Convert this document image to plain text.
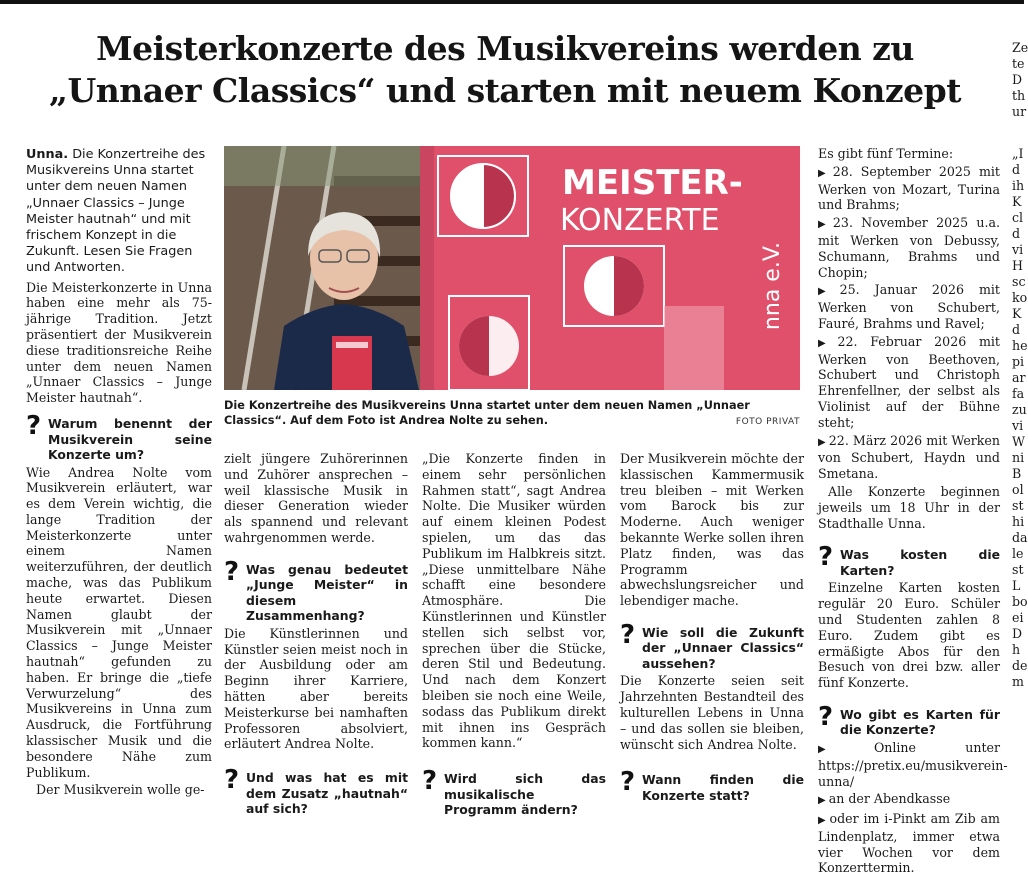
Meisterkonzerte des Musikvereins werden zu
„Unnaer Classics“ und starten mit neuem Konzept

Unna. Die Konzertreihe des Musikvereins Unna startet unter dem neuen Namen „Unnaer Classics – Junge Meister hautnah“ und mit frischem Konzept in die Zukunft. Lesen Sie Fragen und Antworten.

Die Meisterkonzerte in Unna haben eine mehr als 75-jährige Tradition. Jetzt präsentiert der Musikverein diese traditionsreiche Reihe unter dem neuen Namen „Unnaer Classics – Junge Meister hautnah“.

? Warum benennt der Musikverein seine Konzerte um?

Wie Andrea Nolte vom Musikverein erläutert, war es dem Verein wichtig, die lange Tradition der Meisterkonzerte unter einem Namen weiterzuführen, der deutlich mache, was das Publikum heute erwartet. Diesen Namen glaubt der Musikverein mit „Unnaer Classics – Junge Meister hautnah“ gefunden zu haben. Er bringe die „tiefe Verwurzelung“ des Musikvereins in Unna zum Ausdruck, die Fortführung klassischer Musik und die besondere Nähe zum Publikum.

Der Musikverein wolle ge-

zielt jüngere Zuhörerinnen und Zuhörer ansprechen – weil klassische Musik in dieser Generation wieder als spannend und relevant wahrgenommen werde.

? Was genau bedeutet „Junge Meister“ in diesem Zusammenhang?

Die Künstlerinnen und Künstler seien meist noch in der Ausbildung oder am Beginn ihrer Karriere, hätten aber bereits Meisterkurse bei namhaften Professoren absolviert, erläutert Andrea Nolte.

? Und was hat es mit dem Zusatz „hautnah“ auf sich?

„Die Konzerte finden in einem sehr persönlichen Rahmen statt“, sagt Andrea Nolte. Die Musiker würden auf einem kleinen Podest spielen, um das das Publikum im Halbkreis sitzt. „Diese unmittelbare Nähe schafft eine besondere Atmosphäre. Die Künstlerinnen und Künstler stellen sich selbst vor, sprechen über die Stücke, deren Stil und Bedeutung. Und nach dem Konzert bleiben sie noch eine Weile, sodass das Publikum direkt mit ihnen ins Gespräch kommen kann.“

? Wird sich das musikalische Programm ändern?

Der Musikverein möchte der klassischen Kammermusik treu bleiben – mit Werken vom Barock bis zur Moderne. Auch weniger bekannte Werke sollen ihren Platz finden, was das Programm abwechslungsreicher und lebendiger mache.

? Wie soll die Zukunft der „Unnaer Classics“ aussehen?

Die Konzerte seien seit Jahrzehnten Bestandteil des kulturellen Lebens in Unna – und das sollen sie bleiben, wünscht sich Andrea Nolte.

? Wann finden die Konzerte statt?

Es gibt fünf Termine:

▶ 28. September 2025 mit Werken von Mozart, Turina und Brahms;

▶ 23. November 2025 u.a. mit Werken von Debussy, Schumann, Brahms und Chopin;

▶ 25. Januar 2026 mit Werken von Schubert, Fauré, Brahms und Ravel;

▶ 22. Februar 2026 mit Werken von Beethoven, Schubert und Christoph Ehrenfellner, der selbst als Violinist auf der Bühne steht;

▶ 22. März 2026 mit Werken von Schubert, Haydn und Smetana.

Alle Konzerte beginnen jeweils um 18 Uhr in der Stadthalle Unna.

? Was kosten die Karten?

Einzelne Karten kosten regulär 20 Euro. Schüler und Studenten zahlen 8 Euro. Zudem gibt es ermäßigte Abos für den Besuch von drei bzw. aller fünf Konzerte.

? Wo gibt es Karten für die Konzerte?

▶ Online unter https://pretix.eu/musikverein-unna/

▶ an der Abendkasse

▶ oder im i-Pinkt am Zib am Lindenplatz, immer etwa vier Wochen vor dem Konzerttermin.

MEISTER-
KONZERTE
nna e.V.

Die Konzertreihe des Musikvereins Unna startet unter dem neuen Namen „Unnaer Classics“. Auf dem Foto ist Andrea Nolte zu sehen.	FOTO PRIVAT

Ze
te
D
th
ur
„I
d
ih
K
cl
d
vi
H
sc
ko
K
d
he
pi
ar
fa
zu
vi
W
ni
B
ol
st
hi
da
le
st
L
bo
ei
D
h
de
m
